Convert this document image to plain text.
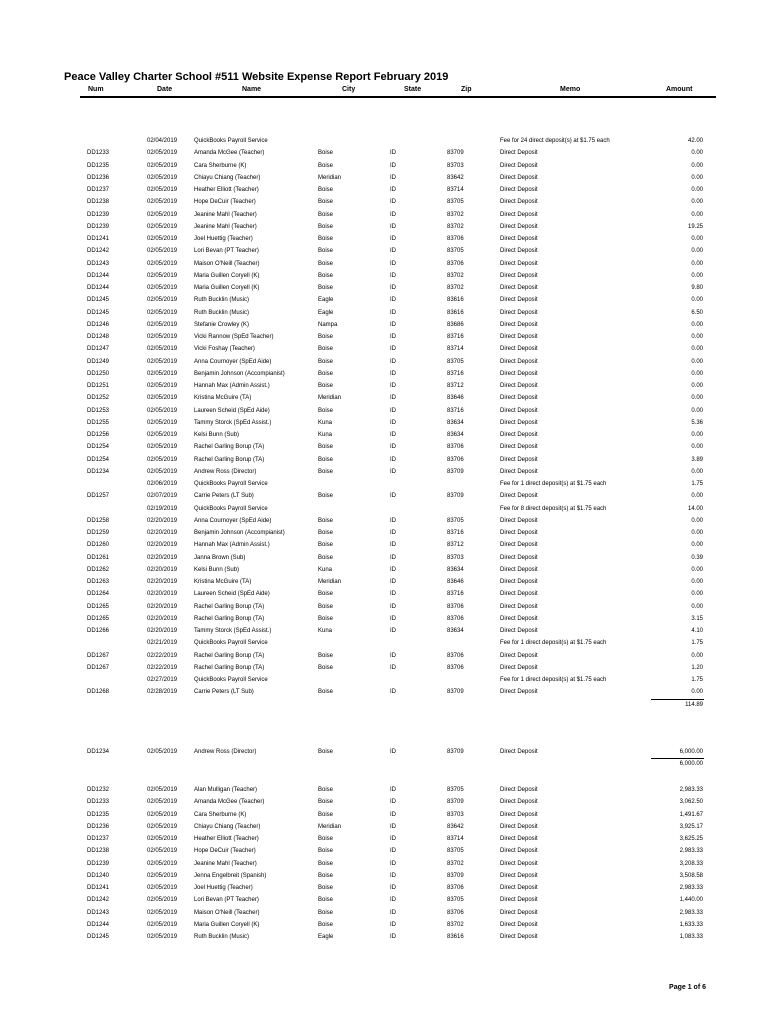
Peace Valley Charter School #511 Website Expense Report February 2019
Num	Date	Name	City	State	Zip	Memo	Amount
02/04/2019	QuickBooks Payroll Service	Fee for 24 direct deposit(s) at $1.75 each	42.00
DD1233	02/05/2019	Amanda McGee (Teacher)	Boise	ID	83709	Direct Deposit	0.00
DD1235	02/05/2019	Cara Sherburne (K)	Boise	ID	83703	Direct Deposit	0.00
DD1236	02/05/2019	Chiayu Chiang (Teacher)	Meridian	ID	83642	Direct Deposit	0.00
DD1237	02/05/2019	Heather Elliott (Teacher)	Boise	ID	83714	Direct Deposit	0.00
DD1238	02/05/2019	Hope DeCuir (Teacher)	Boise	ID	83705	Direct Deposit	0.00
DD1239	02/05/2019	Jeanine Mahl (Teacher)	Boise	ID	83702	Direct Deposit	0.00
DD1239	02/05/2019	Jeanine Mahl (Teacher)	Boise	ID	83702	Direct Deposit	19.25
DD1241	02/05/2019	Joel Huettig (Teacher)	Boise	ID	83706	Direct Deposit	0.00
DD1242	02/05/2019	Lori Bevan (PT Teacher)	Boise	ID	83705	Direct Deposit	0.00
DD1243	02/05/2019	Maison O'Neill (Teacher)	Boise	ID	83706	Direct Deposit	0.00
DD1244	02/05/2019	Maria Guillen Coryell (K)	Boise	ID	83702	Direct Deposit	0.00
DD1244	02/05/2019	Maria Guillen Coryell (K)	Boise	ID	83702	Direct Deposit	9.80
DD1245	02/05/2019	Ruth Bucklin (Music)	Eagle	ID	83616	Direct Deposit	0.00
DD1245	02/05/2019	Ruth Bucklin (Music)	Eagle	ID	83616	Direct Deposit	6.50
DD1246	02/05/2019	Stefanie Crowley (K)	Nampa	ID	83686	Direct Deposit	0.00
DD1248	02/05/2019	Vicki Rannow (SpEd Teacher)	Boise	ID	83716	Direct Deposit	0.00
DD1247	02/05/2019	Vicki Foshay (Teacher)	Boise	ID	83714	Direct Deposit	0.00
DD1249	02/05/2019	Anna Cournoyer (SpEd Aide)	Boise	ID	83705	Direct Deposit	0.00
DD1250	02/05/2019	Benjamin Johnson (Accompianist)	Boise	ID	83716	Direct Deposit	0.00
DD1251	02/05/2019	Hannah Max (Admin Assist.)	Boise	ID	83712	Direct Deposit	0.00
DD1252	02/05/2019	Kristina McGuire (TA)	Meridian	ID	83646	Direct Deposit	0.00
DD1253	02/05/2019	Laureen Scheid (SpEd Aide)	Boise	ID	83716	Direct Deposit	0.00
DD1255	02/05/2019	Tammy Storck (SpEd Assist.)	Kuna	ID	83634	Direct Deposit	5.36
DD1256	02/05/2019	Kelsi Bunn (Sub)	Kuna	ID	83634	Direct Deposit	0.00
DD1254	02/05/2019	Rachel Garling Borup (TA)	Boise	ID	83706	Direct Deposit	0.00
DD1254	02/05/2019	Rachel Garling Borup (TA)	Boise	ID	83706	Direct Deposit	3.89
DD1234	02/05/2019	Andrew Ross (Director)	Boise	ID	83709	Direct Deposit	0.00
02/06/2019	QuickBooks Payroll Service	Fee for 1 direct deposit(s) at $1.75 each	1.75
DD1257	02/07/2019	Carrie Peters (LT Sub)	Boise	ID	83709	Direct Deposit	0.00
02/19/2019	QuickBooks Payroll Service	Fee for 8 direct deposit(s) at $1.75 each	14.00
DD1258	02/20/2019	Anna Cournoyer (SpEd Aide)	Boise	ID	83705	Direct Deposit	0.00
DD1259	02/20/2019	Benjamin Johnson (Accompianist)	Boise	ID	83716	Direct Deposit	0.00
DD1260	02/20/2019	Hannah Max (Admin Assist.)	Boise	ID	83712	Direct Deposit	0.00
DD1261	02/20/2019	Janna Brown (Sub)	Boise	ID	83703	Direct Deposit	0.39
DD1262	02/20/2019	Kelsi Bunn (Sub)	Kuna	ID	83634	Direct Deposit	0.00
DD1263	02/20/2019	Kristina McGuire (TA)	Meridian	ID	83646	Direct Deposit	0.00
DD1264	02/20/2019	Laureen Scheid (SpEd Aide)	Boise	ID	83716	Direct Deposit	0.00
DD1265	02/20/2019	Rachel Garling Borup (TA)	Boise	ID	83706	Direct Deposit	0.00
DD1265	02/20/2019	Rachel Garling Borup (TA)	Boise	ID	83706	Direct Deposit	3.15
DD1266	02/20/2019	Tammy Storck (SpEd Assist.)	Kuna	ID	83634	Direct Deposit	4.10
02/21/2019	QuickBooks Payroll Service	Fee for 1 direct deposit(s) at $1.75 each	1.75
DD1267	02/22/2019	Rachel Garling Borup (TA)	Boise	ID	83706	Direct Deposit	0.00
DD1267	02/22/2019	Rachel Garling Borup (TA)	Boise	ID	83706	Direct Deposit	1.20
02/27/2019	QuickBooks Payroll Service	Fee for 1 direct deposit(s) at $1.75 each	1.75
DD1268	02/28/2019	Carrie Peters (LT Sub)	Boise	ID	83709	Direct Deposit	0.00
114.89
DD1234	02/05/2019	Andrew Ross (Director)	Boise	ID	83709	Direct Deposit	6,000.00
6,000.00
DD1232	02/05/2019	Alan Mulligan (Teacher)	Boise	ID	83705	Direct Deposit	2,983.33
DD1233	02/05/2019	Amanda McGee (Teacher)	Boise	ID	83709	Direct Deposit	3,062.50
DD1235	02/05/2019	Cara Sherburne (K)	Boise	ID	83703	Direct Deposit	1,491.67
DD1236	02/05/2019	Chiayu Chiang (Teacher)	Meridian	ID	83642	Direct Deposit	3,925.17
DD1237	02/05/2019	Heather Elliott (Teacher)	Boise	ID	83714	Direct Deposit	3,625.25
DD1238	02/05/2019	Hope DeCuir (Teacher)	Boise	ID	83705	Direct Deposit	2,983.33
DD1239	02/05/2019	Jeanine Mahl (Teacher)	Boise	ID	83702	Direct Deposit	3,208.33
DD1240	02/05/2019	Jenna Engelbreit (Spanish)	Boise	ID	83709	Direct Deposit	3,508.58
DD1241	02/05/2019	Joel Huettig (Teacher)	Boise	ID	83706	Direct Deposit	2,983.33
DD1242	02/05/2019	Lori Bevan (PT Teacher)	Boise	ID	83705	Direct Deposit	1,440.00
DD1243	02/05/2019	Maison O'Neill (Teacher)	Boise	ID	83706	Direct Deposit	2,983.33
DD1244	02/05/2019	Maria Guillen Coryell (K)	Boise	ID	83702	Direct Deposit	1,633.33
DD1245	02/05/2019	Ruth Bucklin (Music)	Eagle	ID	83616	Direct Deposit	1,083.33
Page 1 of 6
